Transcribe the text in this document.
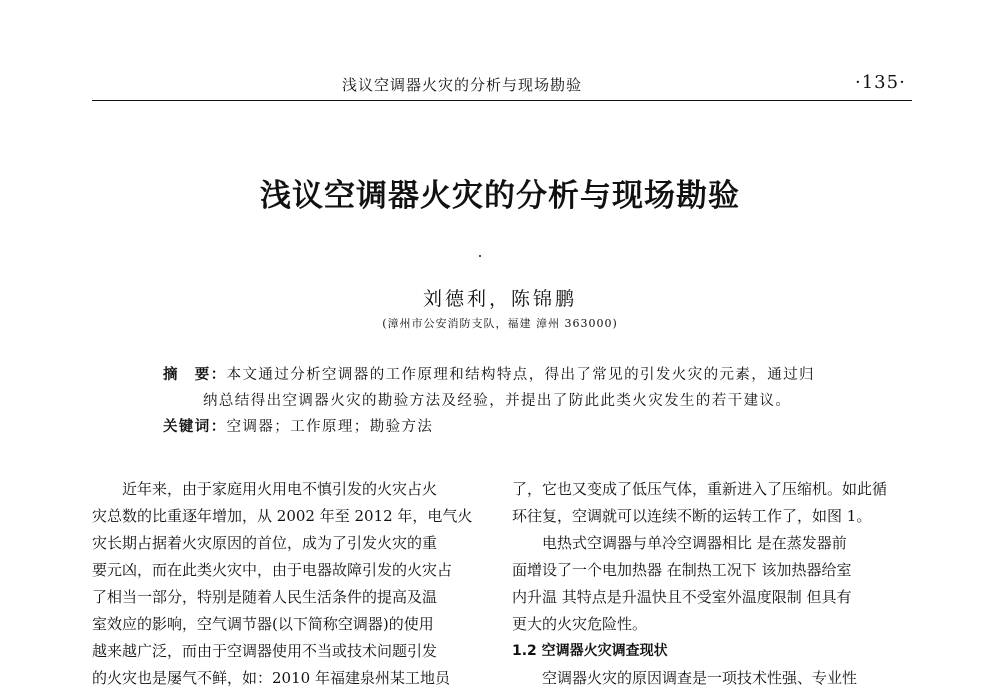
浅议空调器火灾的分析与现场勘验	·135·
浅议空调器火灾的分析与现场勘验
刘德利，陈锦鹏
(漳州市公安消防支队，福建 漳州 363000)
摘　要：本文通过分析空调器的工作原理和结构特点，得出了常见的引发火灾的元素，通过归
纳总结得出空调器火灾的勘验方法及经验，并提出了防此此类火灾发生的若干建议。
关键词：空调器；工作原理；勘验方法

　　近年来，由于家庭用火用电不慎引发的火灾占火
灾总数的比重逐年增加，从 2002 年至 2012 年，电气火
灾长期占据着火灾原因的首位，成为了引发火灾的重
要元凶，而在此类火灾中，由于电器故障引发的火灾占
了相当一部分，特别是随着人民生活条件的提高及温
室效应的影响，空气调节器(以下简称空调器)的使用
越来越广泛，而由于空调器使用不当或技术问题引发
的火灾也是屡气不鲜，如：2010 年福建泉州某工地员

了，它也又变成了低压气体，重新进入了压缩机。如此循
环往复，空调就可以连续不断的运转工作了，如图 1。
　　电热式空调器与单冷空调器相比 是在蒸发器前
面增设了一个电加热器 在制热工况下 该加热器给室
内升温 其特点是升温快且不受室外温度限制 但具有
更大的火灾危险性。
1.2 空调器火灾调查现状
　　空调器火灾的原因调查是一项技术性强、专业性
